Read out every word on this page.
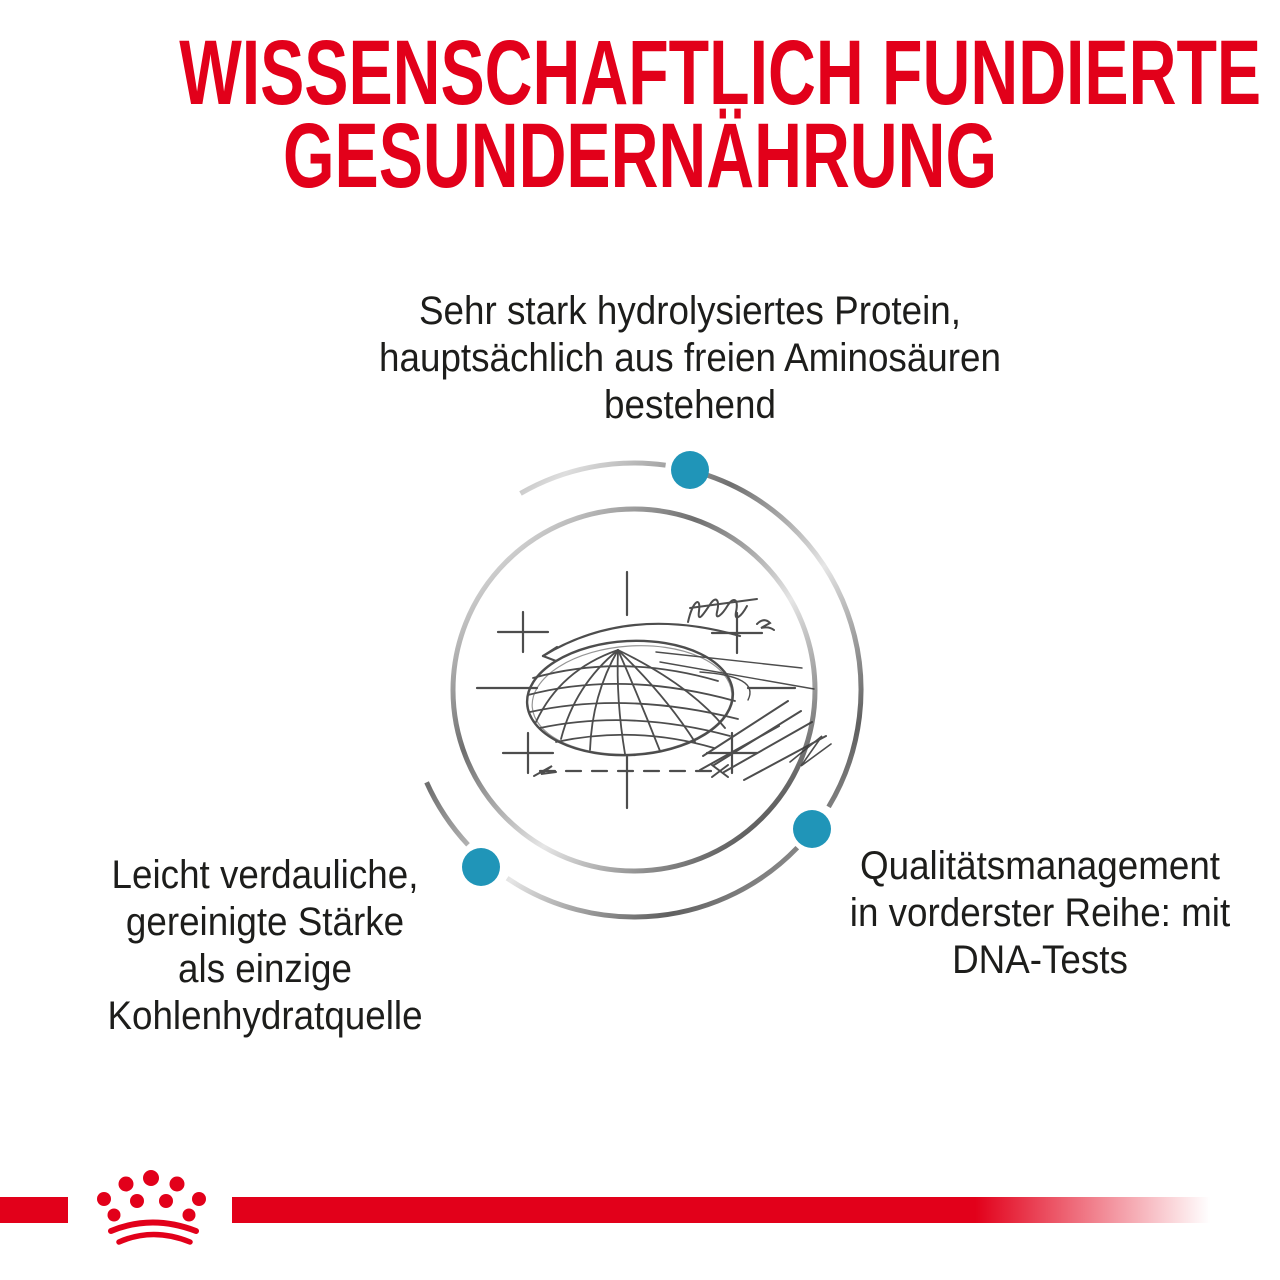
WISSENSCHAFTLICH FUNDIERTE
GESUNDERNÄHRUNG
Sehr stark hydrolysiertes Protein,
hauptsächlich aus freien Aminosäuren
bestehend
Leicht verdauliche,
gereinigte Stärke
als einzige
Kohlenhydratquelle
Qualitätsmanagement
in vorderster Reihe: mit
DNA-Tests
